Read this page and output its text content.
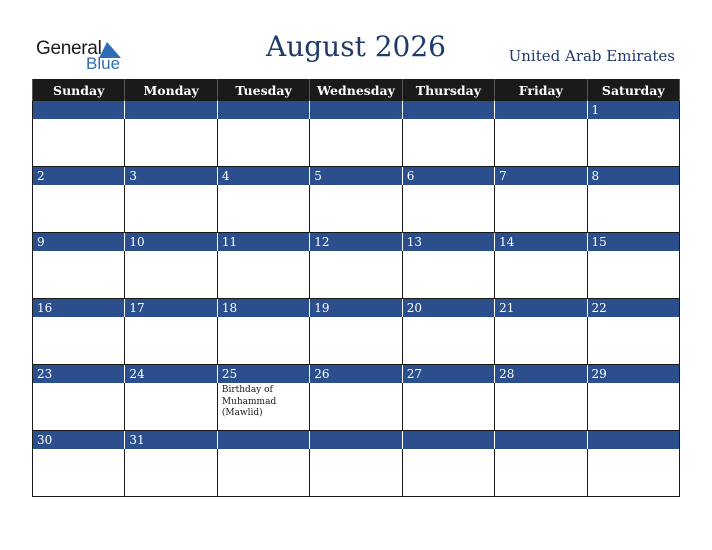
General
Blue
August 2026	United Arab Emirates
Sunday	Monday	Tuesday	Wednesday	Thursday	Friday	Saturday
						1

2	3	4	5	6	7	8

9	10	11	12	13	14	15

16	17	18	19	20	21	22

23	24	25	26	27	28	29
		Birthday of Muhammad (Mawlid)				
30	31					
